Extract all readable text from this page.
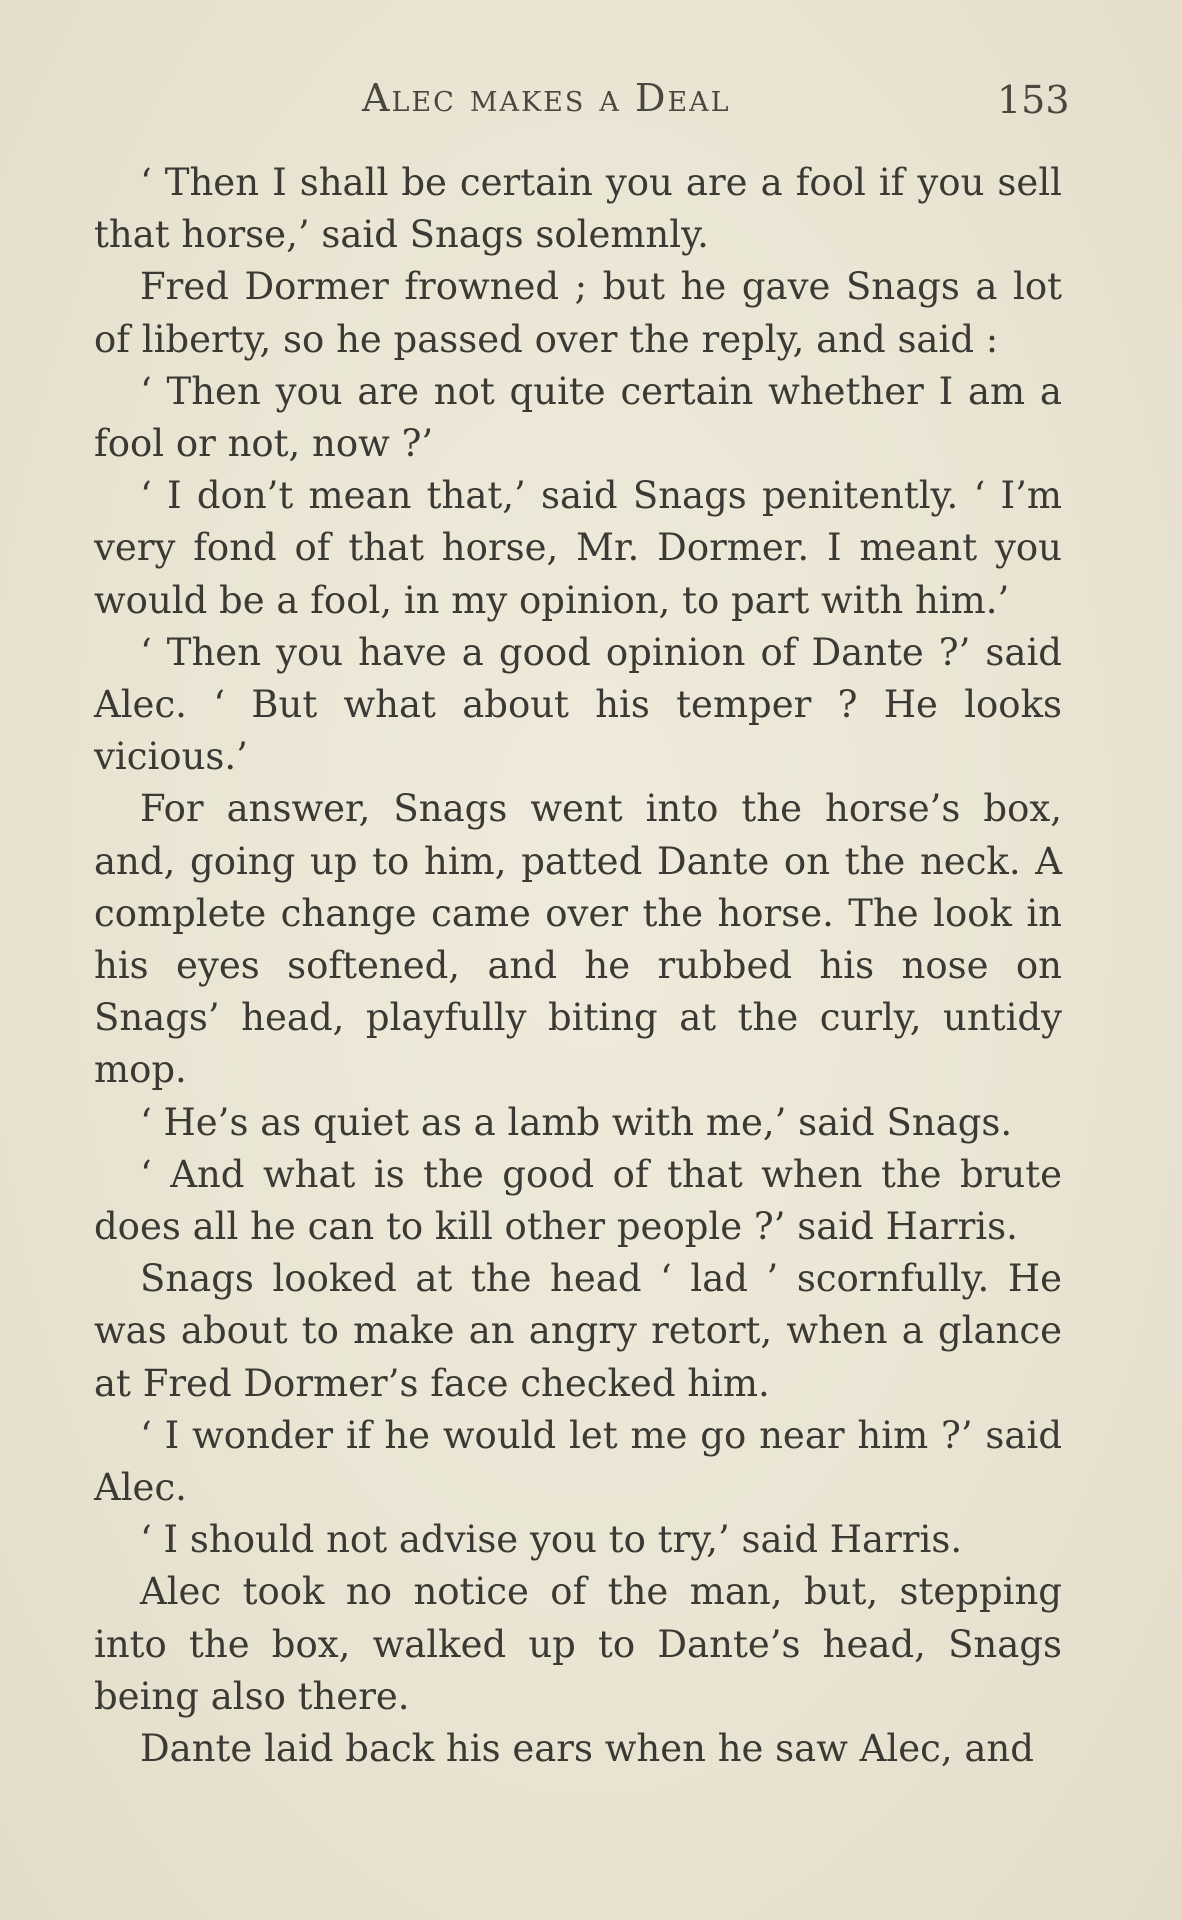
Alec makes a Deal	153

‘ Then I shall be certain you are a fool if you sell that horse,’ said Snags solemnly.

Fred Dormer frowned ; but he gave Snags a lot of liberty, so he passed over the reply, and said :

‘ Then you are not quite certain whether I am a fool or not, now ?’

‘ I don’t mean that,’ said Snags penitently. ‘ I’m very fond of that horse, Mr. Dormer. I meant you would be a fool, in my opinion, to part with him.’

‘ Then you have a good opinion of Dante ?’ said Alec. ‘ But what about his temper ? He looks vicious.’

For answer, Snags went into the horse’s box, and, going up to him, patted Dante on the neck. A complete change came over the horse. The look in his eyes softened, and he rubbed his nose on Snags’ head, playfully biting at the curly, untidy mop.

‘ He’s as quiet as a lamb with me,’ said Snags.

‘ And what is the good of that when the brute does all he can to kill other people ?’ said Harris.

Snags looked at the head ‘ lad ’ scornfully. He was about to make an angry retort, when a glance at Fred Dormer’s face checked him.

‘ I wonder if he would let me go near him ?’ said Alec.

‘ I should not advise you to try,’ said Harris.

Alec took no notice of the man, but, stepping into the box, walked up to Dante’s head, Snags being also there.

Dante laid back his ears when he saw Alec, and
